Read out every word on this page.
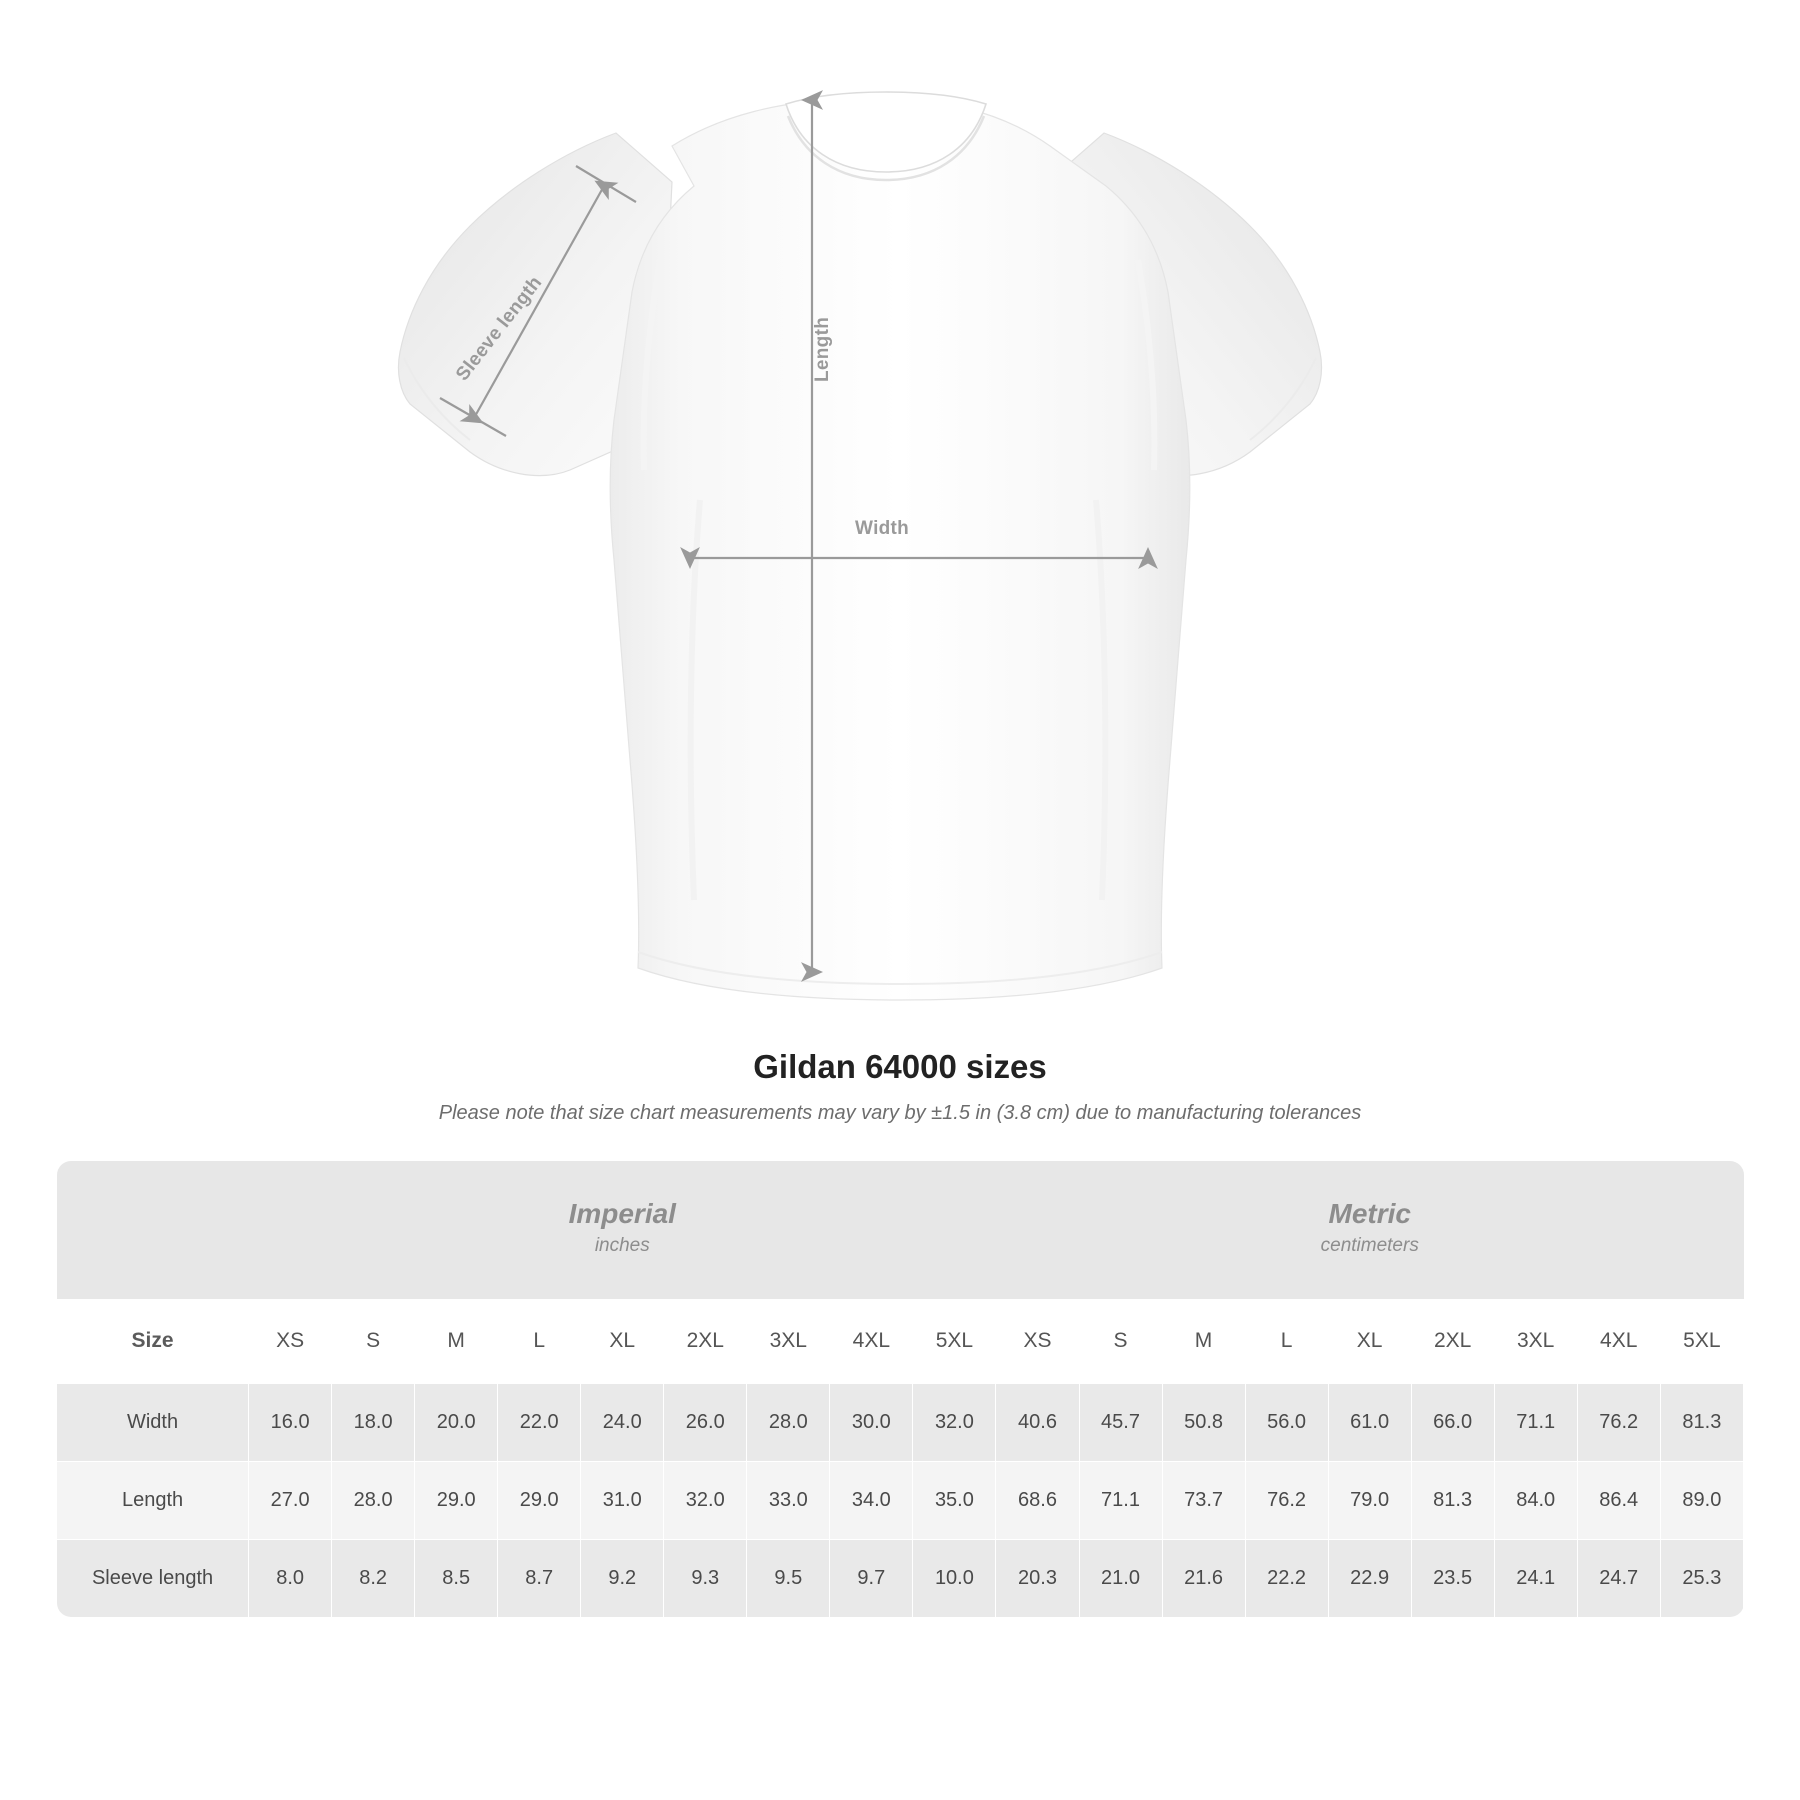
Length
Width
Sleeve length
Gildan 64000 sizes

Please note that size chart measurements may vary by ±1.5 in (3.8 cm) due to manufacturing tolerances

	Imperial
inches									Metric
centimeters								

Size	XS	S	M	L	XL	2XL	3XL	4XL	5XL	XS	S	M	L	XL	2XL	3XL	4XL	5XL
Width	16.0	18.0	20.0	22.0	24.0	26.0	28.0	30.0	32.0	40.6	45.7	50.8	56.0	61.0	66.0	71.1	76.2	81.3
Length	27.0	28.0	29.0	29.0	31.0	32.0	33.0	34.0	35.0	68.6	71.1	73.7	76.2	79.0	81.3	84.0	86.4	89.0
Sleeve length	8.0	8.2	8.5	8.7	9.2	9.3	9.5	9.7	10.0	20.3	21.0	21.6	22.2	22.9	23.5	24.1	24.7	25.3
